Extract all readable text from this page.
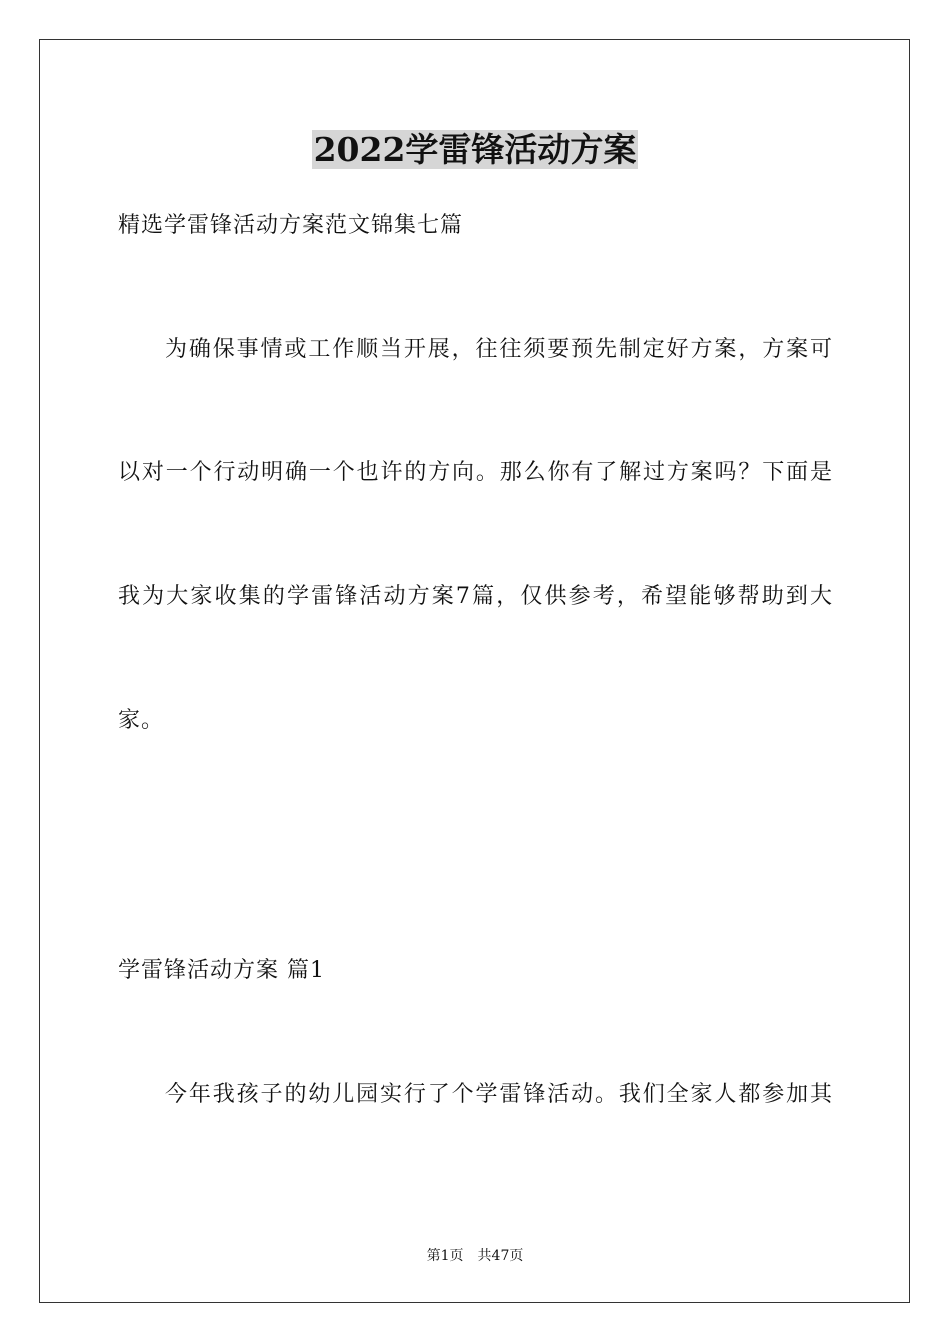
2022学雷锋活动方案
精选学雷锋活动方案范文锦集七篇
为确保事情或工作顺当开展，往往须要预先制定好方案，方案可
以对一个行动明确一个也许的方向。那么你有了解过方案吗？下面是
我为大家收集的学雷锋活动方案7篇，仅供参考，希望能够帮助到大
家。
学雷锋活动方案 篇1
今年我孩子的幼儿园实行了个学雷锋活动。我们全家人都参加其
第1页 共47页
